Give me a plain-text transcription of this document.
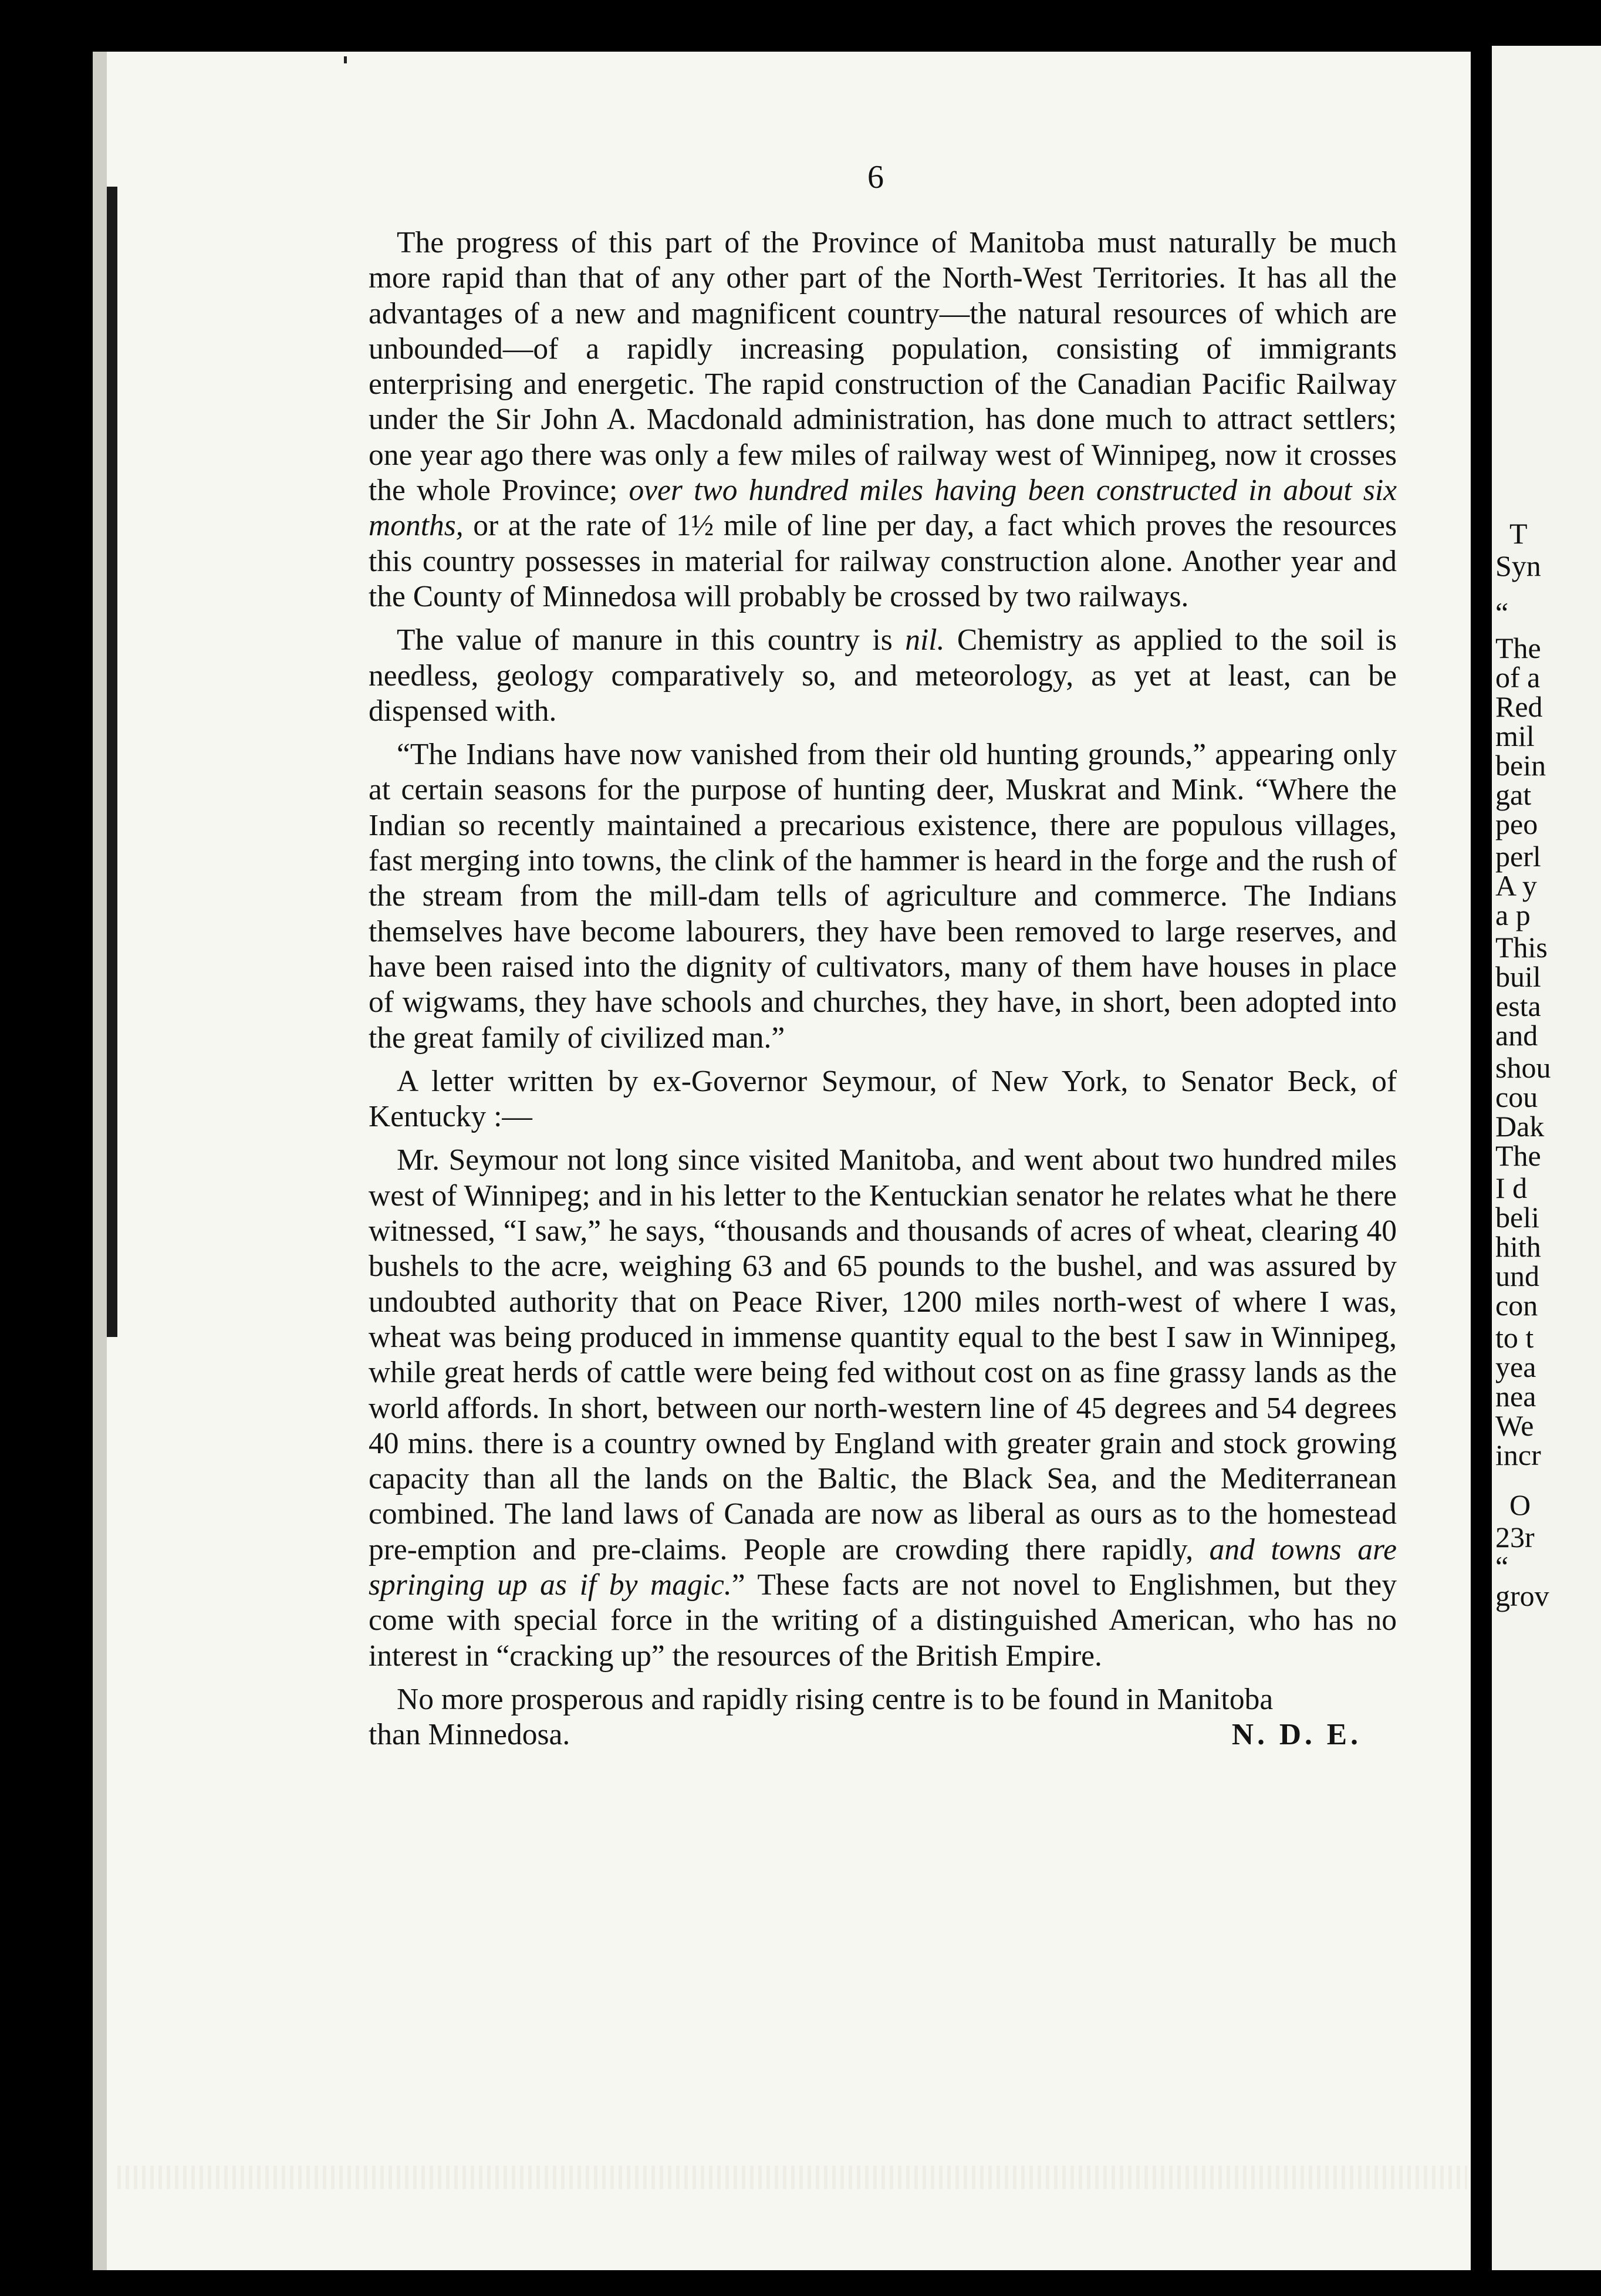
T
Syn
“
The
of a
Red
mil
bein
gat
peo
perl
A y
a p
This
buil
esta
and
shou
cou
Dak
The
I d
beli
hith
und
con
to t
yea
nea
We
incr
O
23r
“
grov
6

The progress of this part of the Province of Manitoba must naturally be much more rapid than that of any other part of the North-West Territories. It has all the advantages of a new and magnificent country—the natural resources of which are unbounded—of a rapidly increasing population, consisting of immigrants enterprising and energetic. The rapid construction of the Canadian Pacific Railway under the Sir John A. Macdonald administration, has done much to attract settlers; one year ago there was only a few miles of railway west of Winnipeg, now it crosses the whole Province; over two hundred miles having been constructed in about six months, or at the rate of 1½ mile of line per day, a fact which proves the resources this country possesses in material for railway construction alone. Another year and the County of Minnedosa will probably be crossed by two railways.

The value of manure in this country is nil. Chemistry as applied to the soil is needless, geology comparatively so, and meteorology, as yet at least, can be dispensed with.

“The Indians have now vanished from their old hunting grounds,” appearing only at certain seasons for the purpose of hunting deer, Muskrat and Mink. “Where the Indian so recently maintained a precarious existence, there are populous villages, fast merging into towns, the clink of the hammer is heard in the forge and the rush of the stream from the mill-dam tells of agriculture and commerce. The Indians themselves have become labourers, they have been removed to large reserves, and have been raised into the dignity of cultivators, many of them have houses in place of wigwams, they have schools and churches, they have, in short, been adopted into the great family of civilized man.”

A letter written by ex-Governor Seymour, of New York, to Senator Beck, of Kentucky :—

Mr. Seymour not long since visited Manitoba, and went about two hundred miles west of Winnipeg; and in his letter to the Kentuckian senator he relates what he there witnessed, “I saw,” he says, “thousands and thousands of acres of wheat, clearing 40 bushels to the acre, weighing 63 and 65 pounds to the bushel, and was assured by undoubted authority that on Peace River, 1200 miles north-west of where I was, wheat was being produced in immense quantity equal to the best I saw in Winnipeg, while great herds of cattle were being fed without cost on as fine grassy lands as the world affords. In short, between our north-western line of 45 degrees and 54 degrees 40 mins. there is a country owned by England with greater grain and stock growing capacity than all the lands on the Baltic, the Black Sea, and the Mediterranean combined. The land laws of Canada are now as liberal as ours as to the homestead pre-emption and pre-claims. People are crowding there rapidly, and towns are springing up as if by magic.” These facts are not novel to Englishmen, but they come with special force in the writing of a distinguished American, who has no interest in “cracking up” the resources of the British Empire.

No more prosperous and rapidly rising centre is to be found in Manitoba

than Minnedosa.	N. D. E.
